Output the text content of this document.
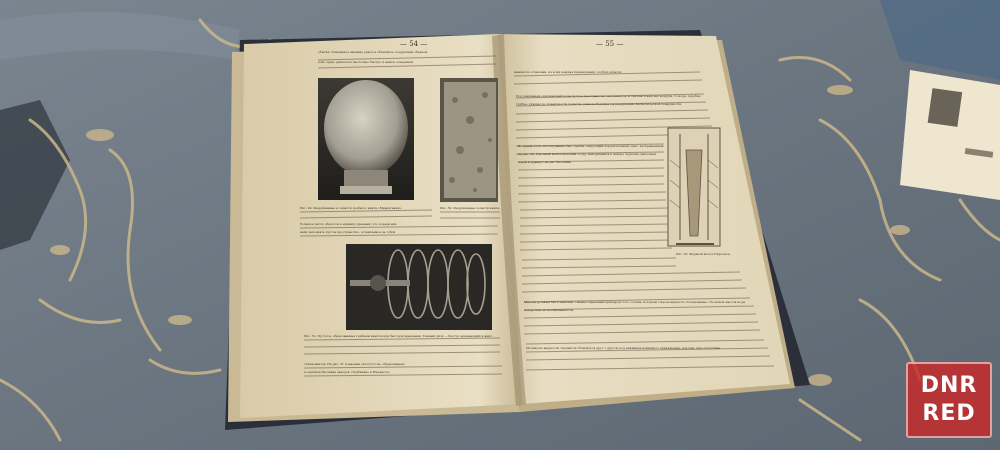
— 54 —	— 55 —
убытки. Описанное явление удалось объяснить следующим образом
ком; судно двигалось настолько быстро и винты совершали
Рис. 29. Разрушенные в лопасти гребного винта «Мавритания».	Рис. 30. Разрушенные лопасти винта.
большое число оборотов в единицу времени, что позади них
вали заполнять пустое пространство, оставляемое за собой
Рис. 31. Пустоты, образованные гребным винтом при быстром вращении. Темный диск — быстро вращающийся винт.
стями винтов. На рис. 31 показаны эти пустоты, образованные
в опытном бассейне заводов «Турбиния» в Ньюкасле;
жении их остановки, из коих каждая принадлежит особой лопасти
Под давлением окружающей воды пустое пространство заполняется, и так как в нем нет воздуха, то вода, подобно трубке, ударяет по поверхности лопасти; этим и объясняется разрушение металлической поверхности.
Во время этого исследования был сделан следующий поразительный опыт, изображенный на рис. 32. Прочный металлический сосуд, находящийся в центре чертежа, наполнен водой и вдвинут на дно бассейна.
Рис. 32. Водяной молот Парсонса.
Многие должны быть знакомы с менее серьезным примером того толчка, которым сопровождается столкновение с большой массой воды вследствие ее несжимаемости.
Молекулы жидкости стремятся сблизиться друг с другом под влиянием взаимного притяжения, поэтому при отсутствии
DNR
RED
